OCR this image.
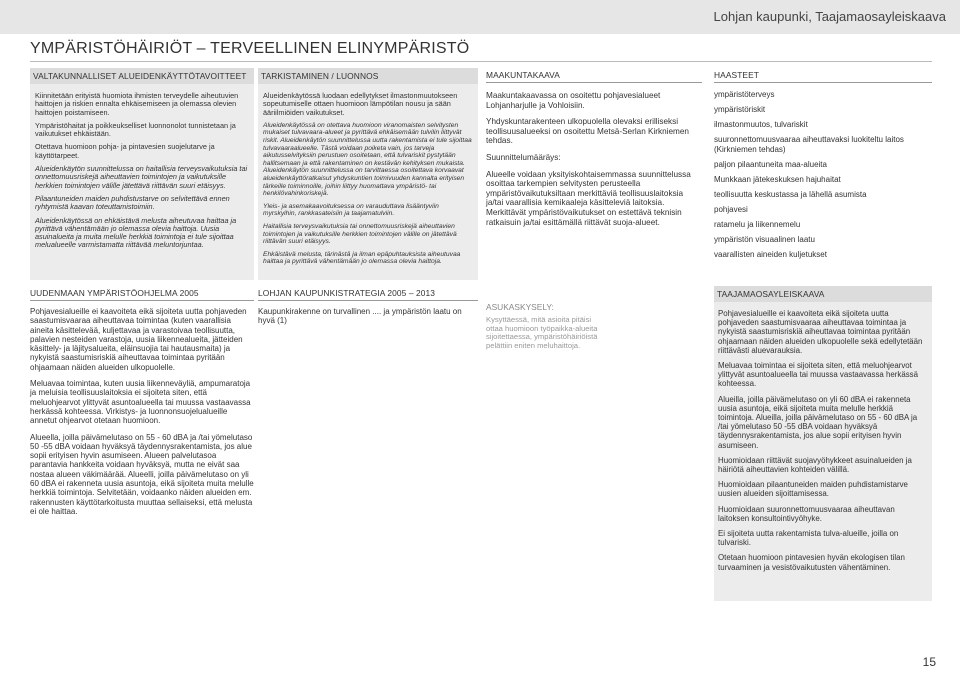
Lohjan kaupunki, Taajamaosayleiskaava
YMPÄRISTÖHÄIRIÖT – TERVEELLINEN ELINYMPÄRISTÖ
VALTAKUNNALLISET ALUEIDENKÄYTTÖTAVOITTEET

Kiinnitetään erityistä huomiota ihmisten terveydelle aiheutuvien haittojen ja riskien ennalta ehkäisemiseen ja olemassa olevien haittojen poistamiseen.

Ympäristöhaitat ja poikkeukselliset luonnonolot tunnistetaan ja vaikutukset ehkäistään.

Otettava huomioon pohja- ja pintavesien suojelutarve ja käyttötarpeet.

Alueidenkäytön suunnittelussa on haitallisia terveysvaikutuksia tai onnettomuusriskejä aiheuttavien toimintojen ja vaikutuksille herkkien toimintojen välille jätettävä riittävän suuri etäisyys.

Pilaantuneiden maiden puhdistustarve on selvitettävä ennen ryhtymistä kaavan toteuttamistoimiin.

Alueidenkäytössä on ehkäistävä melusta aiheutuvaa haittaa ja pyrittävä vähentämään jo olemassa olevia haittoja. Uusia asuinalueita ja muita melulle herkkiä toimintoja ei tule sijoittaa melualueelle varmistamatta riittävää meluntorjuntaa.

TARKISTAMINEN / LUONNOS

Alueidenkäytössä luodaan edellytykset ilmastonmuutokseen sopeutumiselle ottaen huomioon lämpötilan nousu ja sään ääriilmiöiden vaikutukset.

Alueidenkäytössä on otettava huomioon viranomaisten selvitysten mukaiset tulvavaara-alueet ja pyrittävä ehkäisemään tulvilin liittyvät riskit. Alueidenkäytön suunnittelussa uutta rakentamista ei tule sijoittaa tulvavaaraalueelle. Tästä voidaan poiketa vain, jos tarveja aikutusselvityksiin perustuen osoitetaan, että tulvariskit pystytään hallitsemaan ja että rakentaminen on kestävän kehityksen mukaista. Alueidenkäytön suunnittelussa on tarvittaessa osoitettava korvaavat alueidenkäyttöratkaisut yhdyskuntien toimivuuden kannalta erityisen tärkeille toiminnoille, joihin liittyy huomattava ympäristö- tai henkilövahinkoriskejä.

Yleis- ja asemakaavoituksessa on varauduttava lisääntyviin myrskyihin, rankkasateisiin ja taajamatulviin.

Haitallisia terveysvaikutuksia tai onnettomuusriskejä aiheuttavien toimintojen ja vaikutuksille herkkien toimintojen välille on jätettävä riittävän suuri etäisyys.

Ehkäistävä melusta, tärinästä ja ilman epäpuhtauksista aiheutuvaa haittaa ja pyrittävä vähentämään jo olemassa olevia haittoja.

MAAKUNTAKAAVA

Maakuntakaavassa on osoitettu pohjavesialueet Lohjanharjulle ja Vohloisiin.

Yhdyskuntarakenteen ulkopuolella olevaksi erilliseksi teollisuusalueeksi on osoitettu Metsä-Serlan Kirkniemen tehdas.

Suunnittelumääräys:

Alueelle voidaan yksityiskohtaisemmassa suunnittelussa osoittaa tarkempien selvitysten perusteella ympäristövaikutuksiltaan merkittäviä teollisuuslaitoksia ja/tai vaarallisia kemikaaleja käsitteleviä laitoksia. Merkittävät ympäristövaikutukset on estettävä teknisin ratkaisuin ja/tai esittämällä riittävät suoja-alueet.

HAASTEET
ympäristöterveys
ympäristöriskit
ilmastonmuutos, tulvariskit
suuronnettomuusvaaraa aiheuttavaksi luokiteltu laitos (Kirkniemen tehdas)
paljon pilaantuneita maa-alueita
Munkkaan jätekeskuksen hajuhaitat
teollisuutta keskustassa ja lähellä asumista
pohjavesi
ratamelu ja liikennemelu
ympäristön visuaalinen laatu
vaarallisten aineiden kuljetukset
UUDENMAAN YMPÄRISTÖOHJELMA 2005

Pohjavesialueille ei kaavoiteta eikä sijoiteta uutta pohjaveden saastumisvaaraa aiheuttavaa toimintaa (kuten vaarallisia aineita käsittelevää, kuljettavaa ja varastoivaa teollisuutta, palavien nesteiden varastoja, uusia liikennealueita, jätteiden käsittely- ja läjitysalueita, eläinsuojia tai hautausmaita) ja nykyistä saastumisriskiä aiheuttavaa toimintaa pyritään ohjaamaan näiden alueiden ulkopuolelle.

Meluavaa toimintaa, kuten uusia liikenneväyliä, ampumaratoja ja meluisia teollisuuslaitoksia ei sijoiteta siten, että meluohjearvot ylittyvät asuntoalueella tai muussa vastaavassa herkässä kohteessa. Virkistys- ja luonnonsuojelualueille annetut ohjearvot otetaan huomioon.

Alueella, joilla päivämelutaso on 55 - 60 dBA ja /tai yömelutaso 50 -55 dBA voidaan hyväksyä täydennysrakentamista, jos alue sopii erityisen hyvin asumiseen. Alueen palvelutasoa parantavia hankkeita voidaan hyväksyä, mutta ne eivät saa nostaa alueen väkimäärää. Alueelli, joilla päivämelutaso on yli 60 dBA ei rakenneta uusia asuntoja, eikä sijoiteta muita melulle herkkiä toimintoja. Selvitetään, voidaanko näiden alueiden em. rakennusten käyttötarkoitusta muuttaa sellaiseksi, että melusta ei ole haittaa.

LOHJAN KAUPUNKISTRATEGIA 2005 – 2013

Kaupunkirakenne on turvallinen .... ja ympäristön laatu on hyvä (1)

ASUKASKYSELY:
Kysyttäessä, mitä asioita pitäisi ottaa huomioon työpaikka-alueita sijoitettaessa, ympäristöhäiriöistä pelättiin eniten meluhaittoja.
TAAJAMAOSAYLEISKAAVA

Pohjavesialueille ei kaavoiteta eikä sijoiteta uutta pohjaveden saastumisvaaraa aiheuttavaa toimintaa ja nykyistä saastumisriskiä aiheuttavaa toimintaa pyritään ohjaamaan näiden alueiden ulkopuolelle sekä edellytetään riittävästi aluevarauksia.

Meluavaa toimintaa ei sijoiteta siten, että meluohjearvot ylittyvät asuntoalueella tai muussa vastaavassa herkässä kohteessa.

Alueilla, joilla päivämelutaso on yli 60 dBA ei rakenneta uusia asuntoja, eikä sijoiteta muita melulle herkkiä toimintoja. Alueilla, joilla päivämelutaso on 55 - 60 dBA ja /tai yömelutaso 50 -55 dBA voidaan hyväksyä täydennysrakentamista, jos alue sopii erityisen hyvin asumiseen.

Huomioidaan riittävät suojavyöhykkeet asuinalueiden ja häiriötä aiheuttavien kohteiden välillä.

Huomioidaan pilaantuneiden maiden puhdistamistarve uusien alueiden sijoittamisessa.

Huomioidaan suuronnettomuusvaaraa aiheuttavan laitoksen konsultointivyöhyke.

Ei sijoiteta uutta rakentamista tulva-alueille, joilla on tulvariski.

Otetaan huomioon pintavesien hyvän ekologisen tilan turvaaminen ja vesistövaikutusten vähentäminen.

15
